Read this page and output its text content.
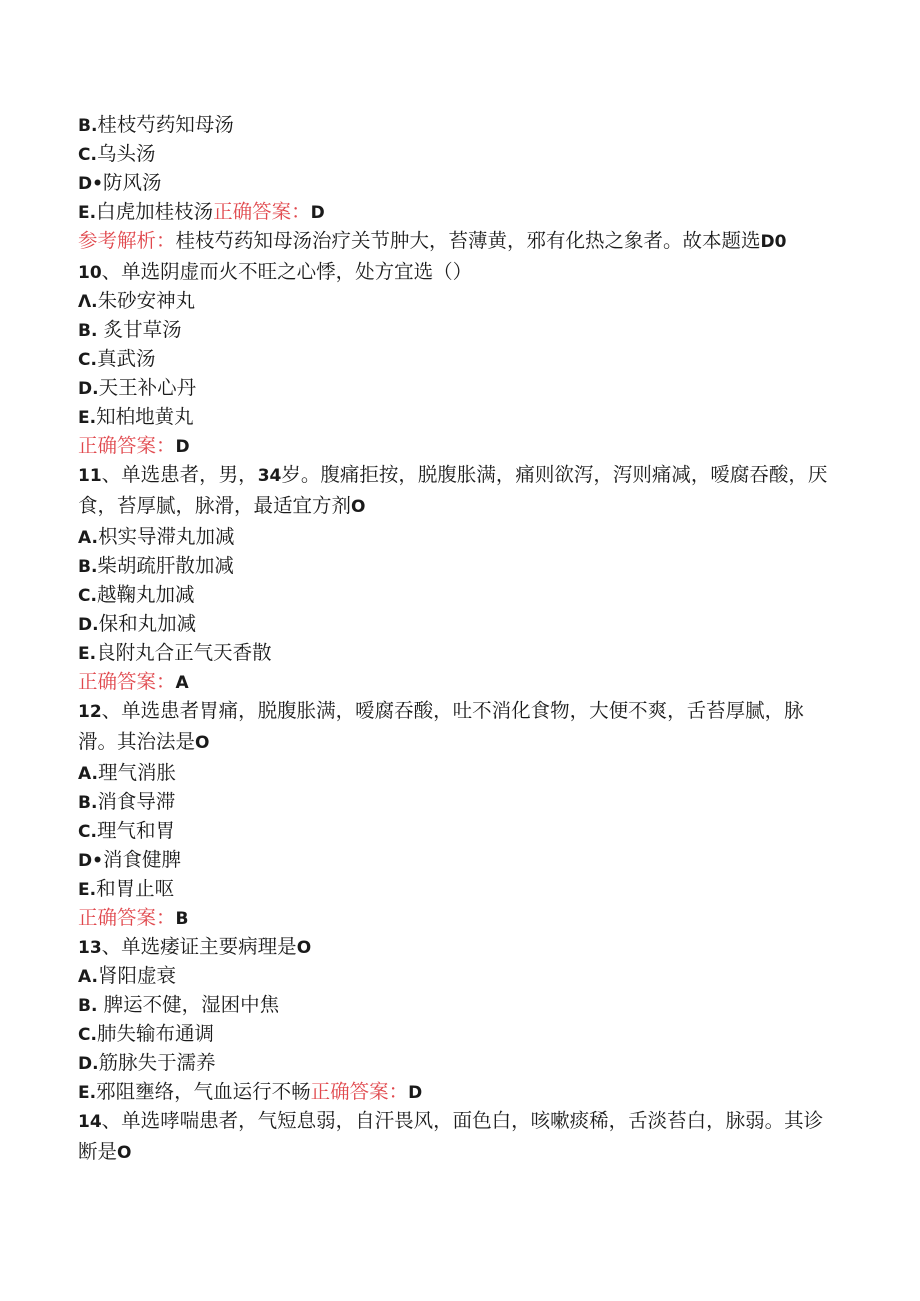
B.桂枝芍药知母汤
C.乌头汤
D•防风汤
E.白虎加桂枝汤正确答案：D
参考解析：桂枝芍药知母汤治疗关节肿大，苔薄黄，邪有化热之象者。故本题选D0
10、单选阴虚而火不旺之心悸，处方宜选（）
Λ.朱砂安神丸
B. 炙甘草汤
C.真武汤
D.天王补心丹
E.知柏地黄丸
正确答案：D
11、单选患者，男，34岁。腹痛拒按，脱腹胀满，痛则欲泻，泻则痛减，嗳腐吞酸，厌食，苔厚腻，脉滑，最适宜方剂O
A.枳实导滞丸加减
B.柴胡疏肝散加减
C.越鞠丸加减
D.保和丸加减
E.良附丸合正气天香散
正确答案：A
12、单选患者胃痛，脱腹胀满，嗳腐吞酸，吐不消化食物，大便不爽，舌苔厚腻，脉滑。其治法是O
A.理气消胀
B.消食导滞
C.理气和胃
D•消食健脾
E.和胃止呕
正确答案：B
13、单选痿证主要病理是O
A.肾阳虚衰
B. 脾运不健，湿困中焦
C.肺失输布通调
D.筋脉失于濡养
E.邪阻壅络，气血运行不畅正确答案：D
14、单选哮喘患者，气短息弱，自汗畏风，面色白，咳嗽痰稀，舌淡苔白，脉弱。其诊断是O
